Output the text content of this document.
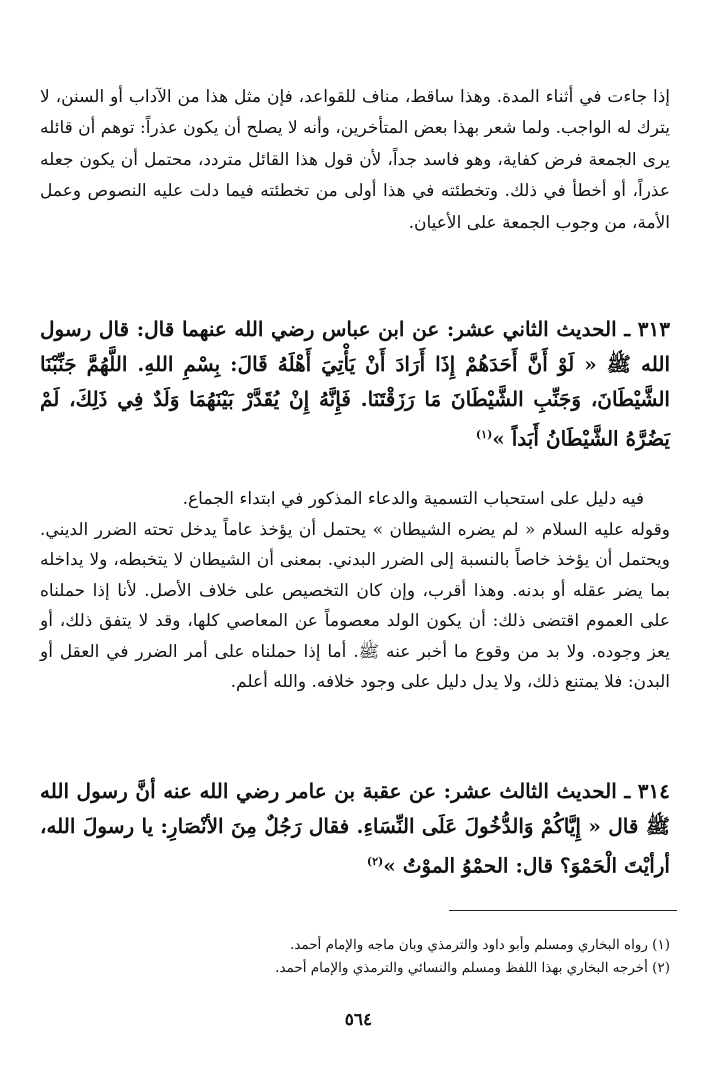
إذا جاءت في أثناء المدة. وهذا ساقط، مناف للقواعد، فإن مثل هذا من الآداب أو السنن، لا يترك له الواجب. ولما شعر بهذا بعض المتأخرين، وأنه لا يصلح أن يكون عذراً: توهم أن قائله يرى الجمعة فرض كفاية، وهو فاسد جداً، لأن قول هذا القائل متردد، محتمل أن يكون جعله عذراً، أو أخطأ في ذلك. وتخطئته في هذا أولى من تخطئته فيما دلت عليه النصوص وعمل الأمة، من وجوب الجمعة على الأعيان.

٣١٣ ـ الحديث الثاني عشر: عن ابن عباس رضي الله عنهما قال: قال رسول الله ﷺ « لَوْ أَنَّ أَحَدَهُمْ إِذَا أَرَادَ أَنْ يَأْتِيَ أَهْلَهُ قَالَ: بِسْمِ اللهِ. اللَّهُمَّ جَنِّبْنَا الشَّيْطَانَ، وَجَنِّبِ الشَّيْطَانَ مَا رَزَقْتَنَا. فَإِنَّهُ إِنْ يُقَدَّرْ بَيْنَهُمَا وَلَدٌ فِي ذَلِكَ، لَمْ يَضُرَّهُ الشَّيْطَانُ أَبَداً »$^{(١)}$

فيه دليل على استحباب التسمية والدعاء المذكور في ابتداء الجماع.

وقوله عليه السلام « لم يضره الشيطان » يحتمل أن يؤخذ عاماً يدخل تحته الضرر الديني. ويحتمل أن يؤخذ خاصاً بالنسبة إلى الضرر البدني. بمعنى أن الشيطان لا يتخبطه، ولا يداخله بما يضر عقله أو بدنه. وهذا أقرب، وإن كان التخصيص على خلاف الأصل. لأنا إذا حملناه على العموم اقتضى ذلك: أن يكون الولد معصوماً عن المعاصي كلها، وقد لا يتفق ذلك، أو يعز وجوده. ولا بد من وقوع ما أخبر عنه ﷺ. أما إذا حملناه على أمر الضرر في العقل أو البدن: فلا يمتنع ذلك، ولا يدل دليل على وجود خلافه. والله أعلم.

٣١٤ ـ الحديث الثالث عشر: عن عقبة بن عامر رضي الله عنه أنَّ رسول الله ﷺ قال « إِيَّاكُمْ وَالدُّخُولَ عَلَى النِّسَاءِ. فقال رَجُلٌ مِنَ الأنْصَارِ: يا رسولَ الله، أرأيْتَ الْحَمْوَ؟ قال: الحمْوُ الموْتُ »$^{(٢)}$

(١) رواه البخاري ومسلم وأبو داود والترمذي وبان ماجه والإمام أحمد.

(٢) أخرجه البخاري بهذا اللفظ ومسلم والنسائي والترمذي والإمام أحمد.

٥٦٤
